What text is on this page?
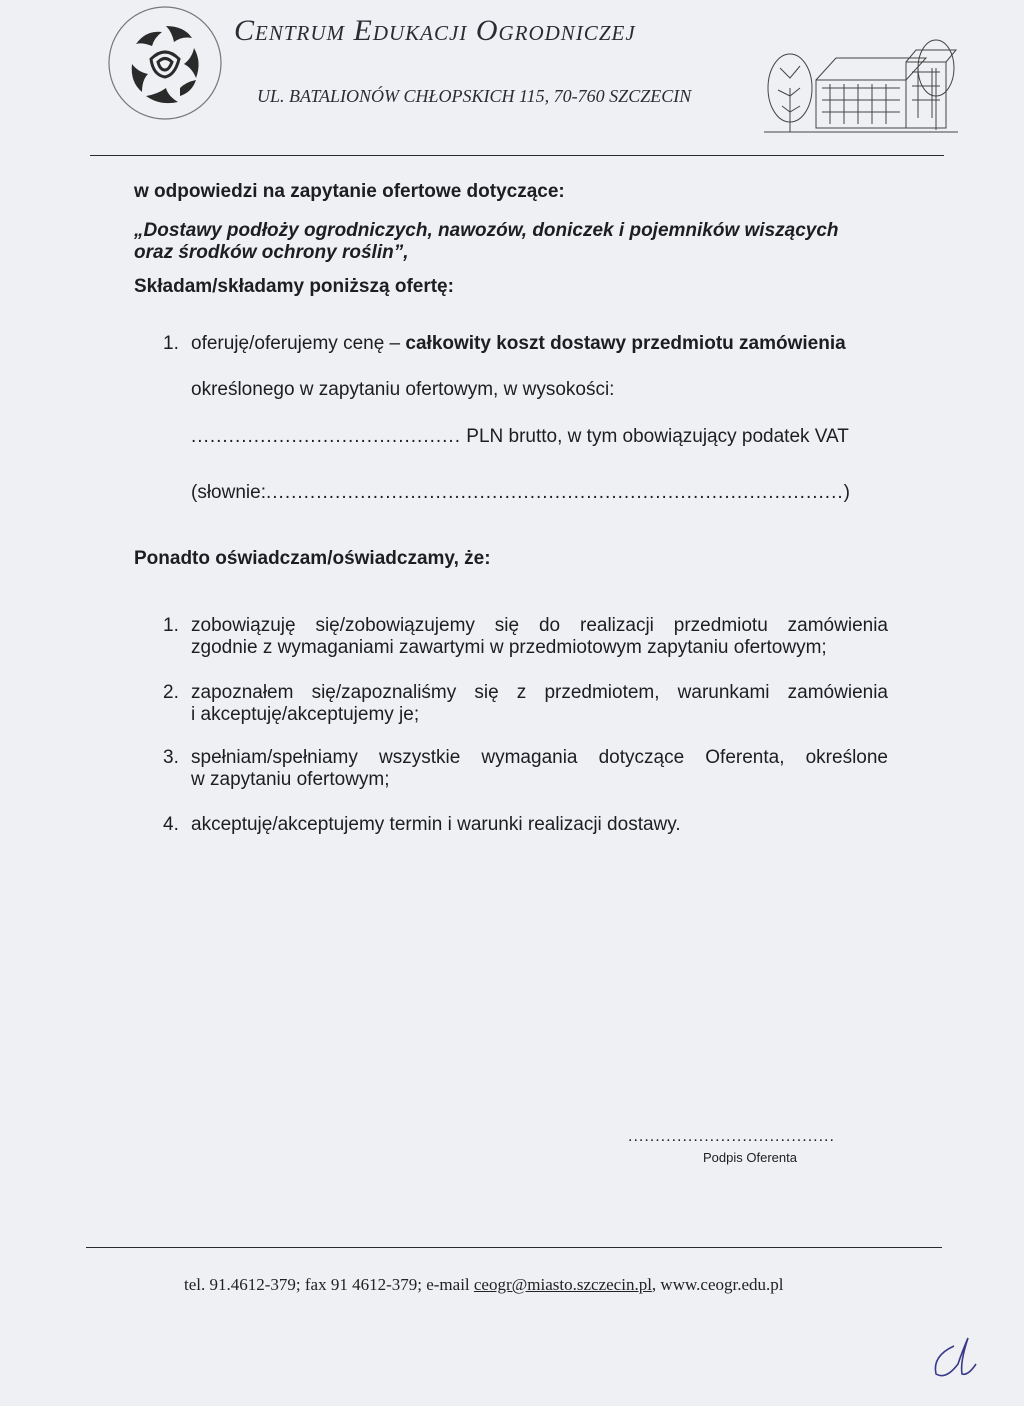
Centrum Edukacji Ogrodniczej
UL. BATALIONÓW CHŁOPSKICH 115, 70-760 SZCZECIN
w odpowiedzi na zapytanie ofertowe dotyczące:
„Dostawy podłoży ogrodniczych, nawozów, doniczek i pojemników wiszących
oraz środków ochrony roślin”,
Składam/składamy poniższą ofertę:
1. oferuję/oferujemy cenę – całkowity koszt dostawy przedmiotu zamówienia
określonego w zapytaniu ofertowym, w wysokości:
........................................... PLN brutto, w tym obowiązujący podatek VAT
(słownie:............................................................................................)
Ponadto oświadczam/oświadczamy, że:
1. zobowiązuję się/zobowiązujemy się do realizacji przedmiotu zamówienia
zgodnie z wymaganiami zawartymi w przedmiotowym zapytaniu ofertowym;
2. zapoznałem się/zapoznaliśmy się z przedmiotem, warunkami zamówienia
i akceptuję/akceptujemy je;
3. spełniam/spełniamy wszystkie wymagania dotyczące Oferenta, określone
w zapytaniu ofertowym;
4. akceptuję/akceptujemy termin i warunki realizacji dostawy.
......................................
Podpis Oferenta
tel. 91.4612-379; fax 91 4612-379; e-mail ceogr@miasto.szczecin.pl, www.ceogr.edu.pl
